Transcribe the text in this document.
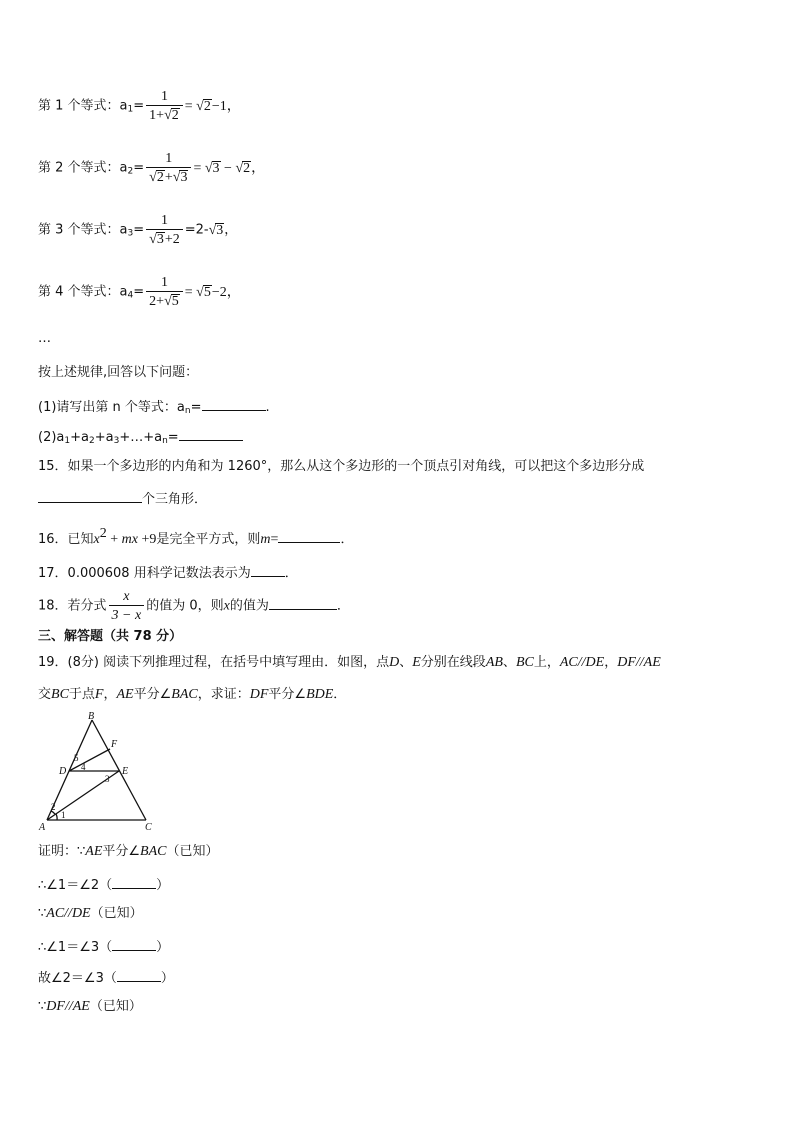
第 1 个等式：$a_1= \frac{1}{1+√2} = √2-1$，
第 2 个等式：$a_2= \frac{1}{√2+√3} = √3 - √2$，
第 3 个等式：$a_3= \frac{1}{√3+2} =2-√3$，
第 4 个等式：$a_4= \frac{1}{2+√5} = √5-2$，
…
按上述规律,回答以下问题：
(1)请写出第 n 个等式：$a_n=$	.
$(2)a_1+a_2+a_3+\dots+a_n=$
15．如果一个多边形的内角和为 1260°，那么从这个多边形的一个顶点引对角线，可以把这个多边形分成
个三角形．
16．已知$x^2$ + mx +9是完全平方式，则m=	．
17．0.000608 用科学记数法表示为	．
18．若分式 $\frac{x}{3 - x}$ 的值为 0，则x的值为	．
三、解答题（共 78 分）
19．(8分) 阅读下列推理过程，在括号中填写理由．如图，点D、E分别在线段AB、BC上，AC//DE，DF//AE
交BC于点F，AE平分∠BAC，求证：DF平分∠BDE．
B
F
D	E
A	C
1
2
3
4
5
证明：∵AE平分∠BAC（已知）
∴∠1＝∠2（	）
∵AC//DE（已知）
∴∠1＝∠3（	）
故∠2＝∠3（	）
∵DF//AE（已知）
